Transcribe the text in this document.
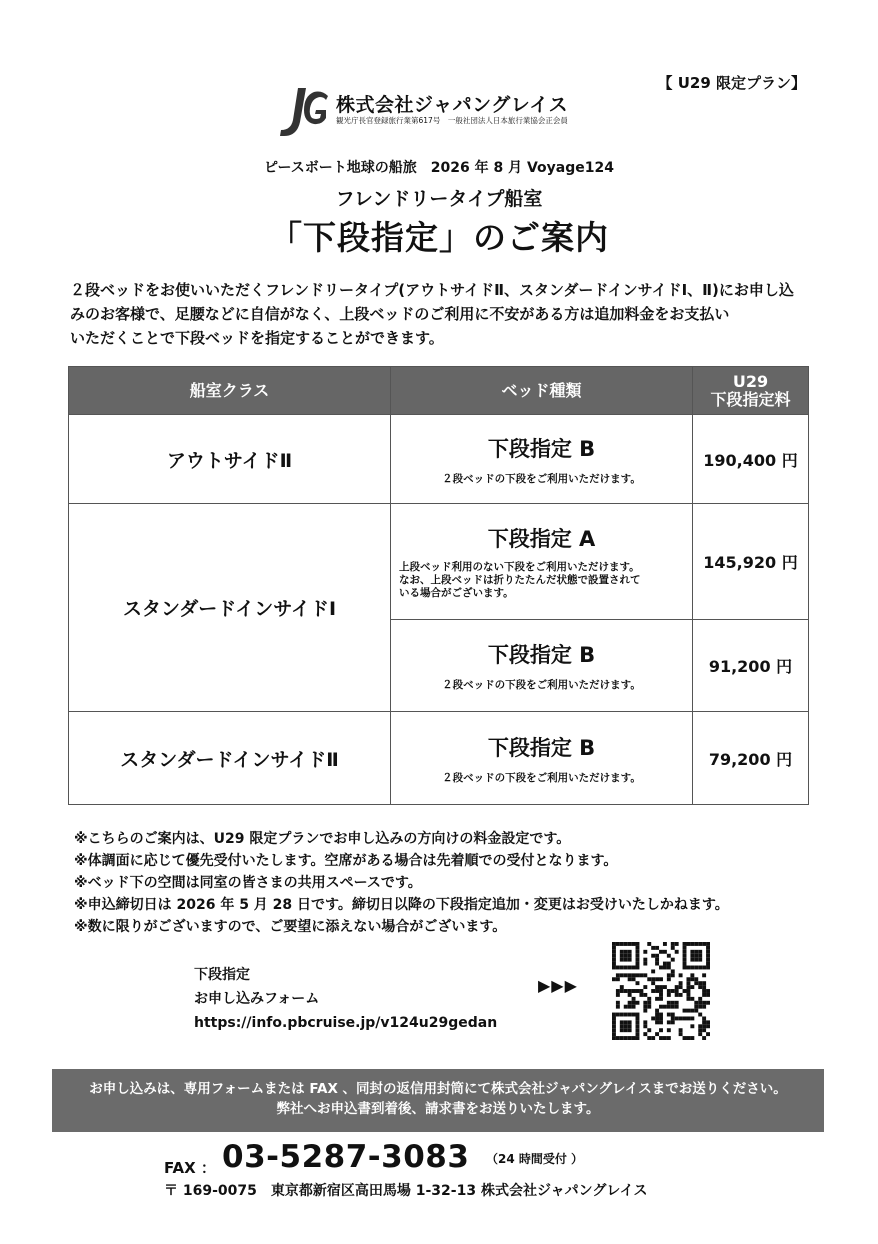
【 U29 限定プラン】
株式会社ジャパングレイス
観光庁長官登録旅行業第617号　一般社団法人日本旅行業協会正会員
ピースボート地球の船旅　2026 年 8 月 Voyage124
フレンドリータイプ船室
「下段指定」のご案内
２段ベッドをお使いいただくフレンドリータイプ(アウトサイドⅡ、スタンダードインサイドⅠ、Ⅱ)にお申し込
みのお客様で、足腰などに自信がなく、上段ベッドのご利用に不安がある方は追加料金をお支払い
いただくことで下段ベッドを指定することができます。
船室クラス	ベッド種類	U29
下段指定料

アウトサイドⅡ	下段指定 B
２段ベッドの下段をご利用いただけます。	190,400 円
スタンダードインサイドⅠ	下段指定 A
上段ベッド利用のない下段をご利用いただけます。
なお、上段ベッドは折りたたんだ状態で設置されて
いる場合がございます。	145,920 円

	下段指定 B
２段ベッドの下段をご利用いただけます。	91,200 円
スタンダードインサイドⅡ	下段指定 B
２段ベッドの下段をご利用いただけます。	79,200 円
※こちらのご案内は、U29 限定プランでお申し込みの方向けの料金設定です。
※体調面に応じて優先受付いたします。空席がある場合は先着順での受付となります。
※ベッド下の空間は同室の皆さまの共用スペースです。
※申込締切日は 2026 年 5 月 28 日です。締切日以降の下段指定追加・変更はお受けいたしかねます。
※数に限りがございますので、ご要望に添えない場合がございます。
下段指定
お申し込みフォーム
https://info.pbcruise.jp/v124u29gedan
▶▶▶
お申し込みは、専用フォームまたは FAX 、同封の返信用封筒にて株式会社ジャパングレイスまでお送りください。
弊社へお申込書到着後、請求書をお送りいたします。
FAX ： 03-5287-3083 （24 時間受付 ）
〒 169-0075　東京都新宿区高田馬場 1-32-13 株式会社ジャパングレイス
